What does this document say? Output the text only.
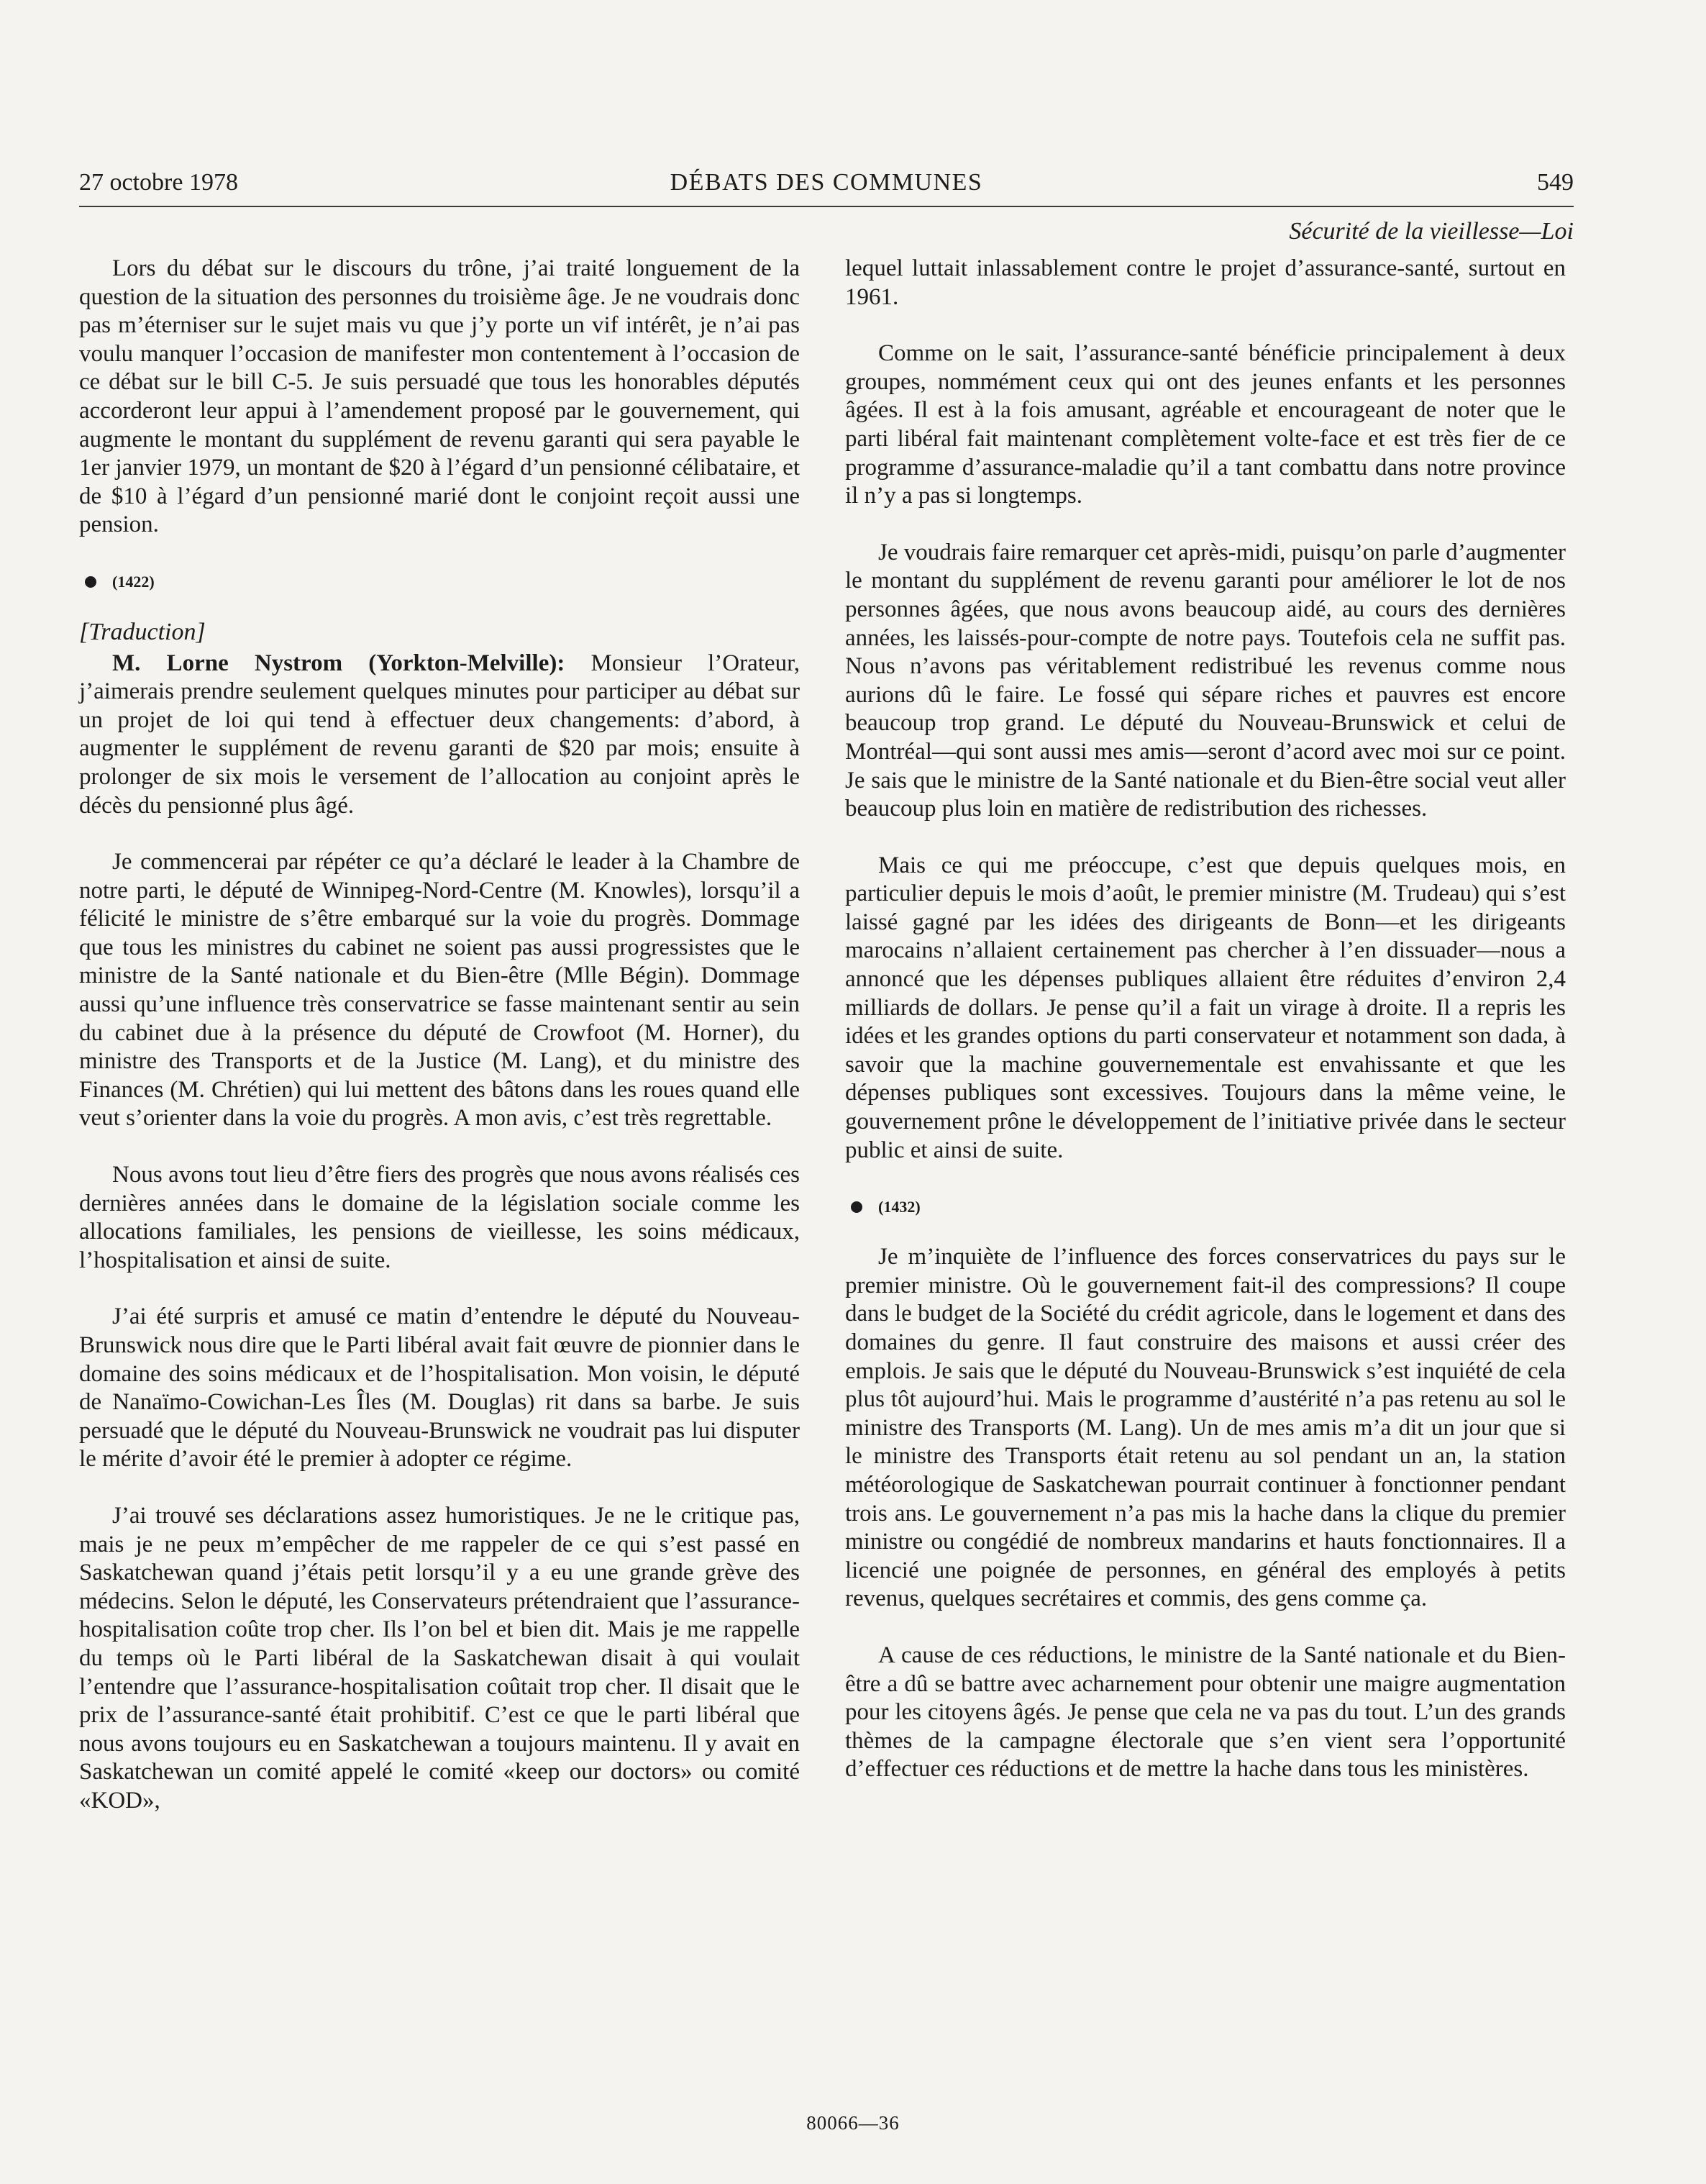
DÉBATS DES COMMUNES
27 octobre 1978	549
Sécurité de la vieillesse—Loi

Lors du débat sur le discours du trône, j’ai traité longuement de la question de la situation des personnes du troisième âge. Je ne voudrais donc pas m’éterniser sur le sujet mais vu que j’y porte un vif intérêt, je n’ai pas voulu manquer l’occasion de manifester mon contentement à l’occasion de ce débat sur le bill C-5. Je suis persuadé que tous les honorables députés accorderont leur appui à l’amendement proposé par le gouvernement, qui augmente le montant du supplément de revenu garanti qui sera payable le 1er janvier 1979, un montant de $20 à l’égard d’un pensionné célibataire, et de $10 à l’égard d’un pensionné marié dont le conjoint reçoit aussi une pension.

(1422)
[Traduction]

M. Lorne Nystrom (Yorkton-Melville): Monsieur l’Orateur, j’aimerais prendre seulement quelques minutes pour participer au débat sur un projet de loi qui tend à effectuer deux changements: d’abord, à augmenter le supplément de revenu garanti de $20 par mois; ensuite à prolonger de six mois le versement de l’allocation au conjoint après le décès du pensionné plus âgé.

Je commencerai par répéter ce qu’a déclaré le leader à la Chambre de notre parti, le député de Winnipeg-Nord-Centre (M. Knowles), lorsqu’il a félicité le ministre de s’être embarqué sur la voie du progrès. Dommage que tous les ministres du cabinet ne soient pas aussi progressistes que le ministre de la Santé nationale et du Bien-être (Mlle Bégin). Dommage aussi qu’une influence très conservatrice se fasse maintenant sentir au sein du cabinet due à la présence du député de Crowfoot (M. Horner), du ministre des Transports et de la Justice (M. Lang), et du ministre des Finances (M. Chrétien) qui lui mettent des bâtons dans les roues quand elle veut s’orienter dans la voie du progrès. A mon avis, c’est très regrettable.

Nous avons tout lieu d’être fiers des progrès que nous avons réalisés ces dernières années dans le domaine de la législation sociale comme les allocations familiales, les pensions de vieillesse, les soins médicaux, l’hospitalisation et ainsi de suite.

J’ai été surpris et amusé ce matin d’entendre le député du Nouveau-Brunswick nous dire que le Parti libéral avait fait œuvre de pionnier dans le domaine des soins médicaux et de l’hospitalisation. Mon voisin, le député de Nanaïmo-Cowichan-Les Îles (M. Douglas) rit dans sa barbe. Je suis persuadé que le député du Nouveau-Brunswick ne voudrait pas lui disputer le mérite d’avoir été le premier à adopter ce régime.

J’ai trouvé ses déclarations assez humoristiques. Je ne le critique pas, mais je ne peux m’empêcher de me rappeler de ce qui s’est passé en Saskatchewan quand j’étais petit lorsqu’il y a eu une grande grève des médecins. Selon le député, les Conservateurs prétendraient que l’assurance-hospitalisation coûte trop cher. Ils l’on bel et bien dit. Mais je me rappelle du temps où le Parti libéral de la Saskatchewan disait à qui voulait l’entendre que l’assurance-hospitalisation coûtait trop cher. Il disait que le prix de l’assurance-santé était prohibitif. C’est ce que le parti libéral que nous avons toujours eu en Saskatchewan a toujours maintenu. Il y avait en Saskatchewan un comité appelé le comité «keep our doctors» ou comité «KOD»,

lequel luttait inlassablement contre le projet d’assurance-santé, surtout en 1961.

Comme on le sait, l’assurance-santé bénéficie principalement à deux groupes, nommément ceux qui ont des jeunes enfants et les personnes âgées. Il est à la fois amusant, agréable et encourageant de noter que le parti libéral fait maintenant complètement volte-face et est très fier de ce programme d’assurance-maladie qu’il a tant combattu dans notre province il n’y a pas si longtemps.

Je voudrais faire remarquer cet après-midi, puisqu’on parle d’augmenter le montant du supplément de revenu garanti pour améliorer le lot de nos personnes âgées, que nous avons beaucoup aidé, au cours des dernières années, les laissés-pour-compte de notre pays. Toutefois cela ne suffit pas. Nous n’avons pas véritablement redistribué les revenus comme nous aurions dû le faire. Le fossé qui sépare riches et pauvres est encore beaucoup trop grand. Le député du Nouveau-Brunswick et celui de Montréal—qui sont aussi mes amis—seront d’acord avec moi sur ce point. Je sais que le ministre de la Santé nationale et du Bien-être social veut aller beaucoup plus loin en matière de redistribution des richesses.

Mais ce qui me préoccupe, c’est que depuis quelques mois, en particulier depuis le mois d’août, le premier ministre (M. Trudeau) qui s’est laissé gagné par les idées des dirigeants de Bonn—et les dirigeants marocains n’allaient certainement pas chercher à l’en dissuader—nous a annoncé que les dépenses publiques allaient être réduites d’environ 2,4 milliards de dollars. Je pense qu’il a fait un virage à droite. Il a repris les idées et les grandes options du parti conservateur et notamment son dada, à savoir que la machine gouvernementale est envahissante et que les dépenses publiques sont excessives. Toujours dans la même veine, le gouvernement prône le développement de l’initiative privée dans le secteur public et ainsi de suite.

(1432)

Je m’inquiète de l’influence des forces conservatrices du pays sur le premier ministre. Où le gouvernement fait-il des compressions? Il coupe dans le budget de la Société du crédit agricole, dans le logement et dans des domaines du genre. Il faut construire des maisons et aussi créer des emplois. Je sais que le député du Nouveau-Brunswick s’est inquiété de cela plus tôt aujourd’hui. Mais le programme d’austérité n’a pas retenu au sol le ministre des Transports (M. Lang). Un de mes amis m’a dit un jour que si le ministre des Transports était retenu au sol pendant un an, la station météorologique de Saskatchewan pourrait continuer à fonctionner pendant trois ans. Le gouvernement n’a pas mis la hache dans la clique du premier ministre ou congédié de nombreux mandarins et hauts fonctionnaires. Il a licencié une poignée de personnes, en général des employés à petits revenus, quelques secrétaires et commis, des gens comme ça.

A cause de ces réductions, le ministre de la Santé nationale et du Bien-être a dû se battre avec acharnement pour obtenir une maigre augmentation pour les citoyens âgés. Je pense que cela ne va pas du tout. L’un des grands thèmes de la campagne électorale que s’en vient sera l’opportunité d’effectuer ces réductions et de mettre la hache dans tous les ministères.

80066—36
